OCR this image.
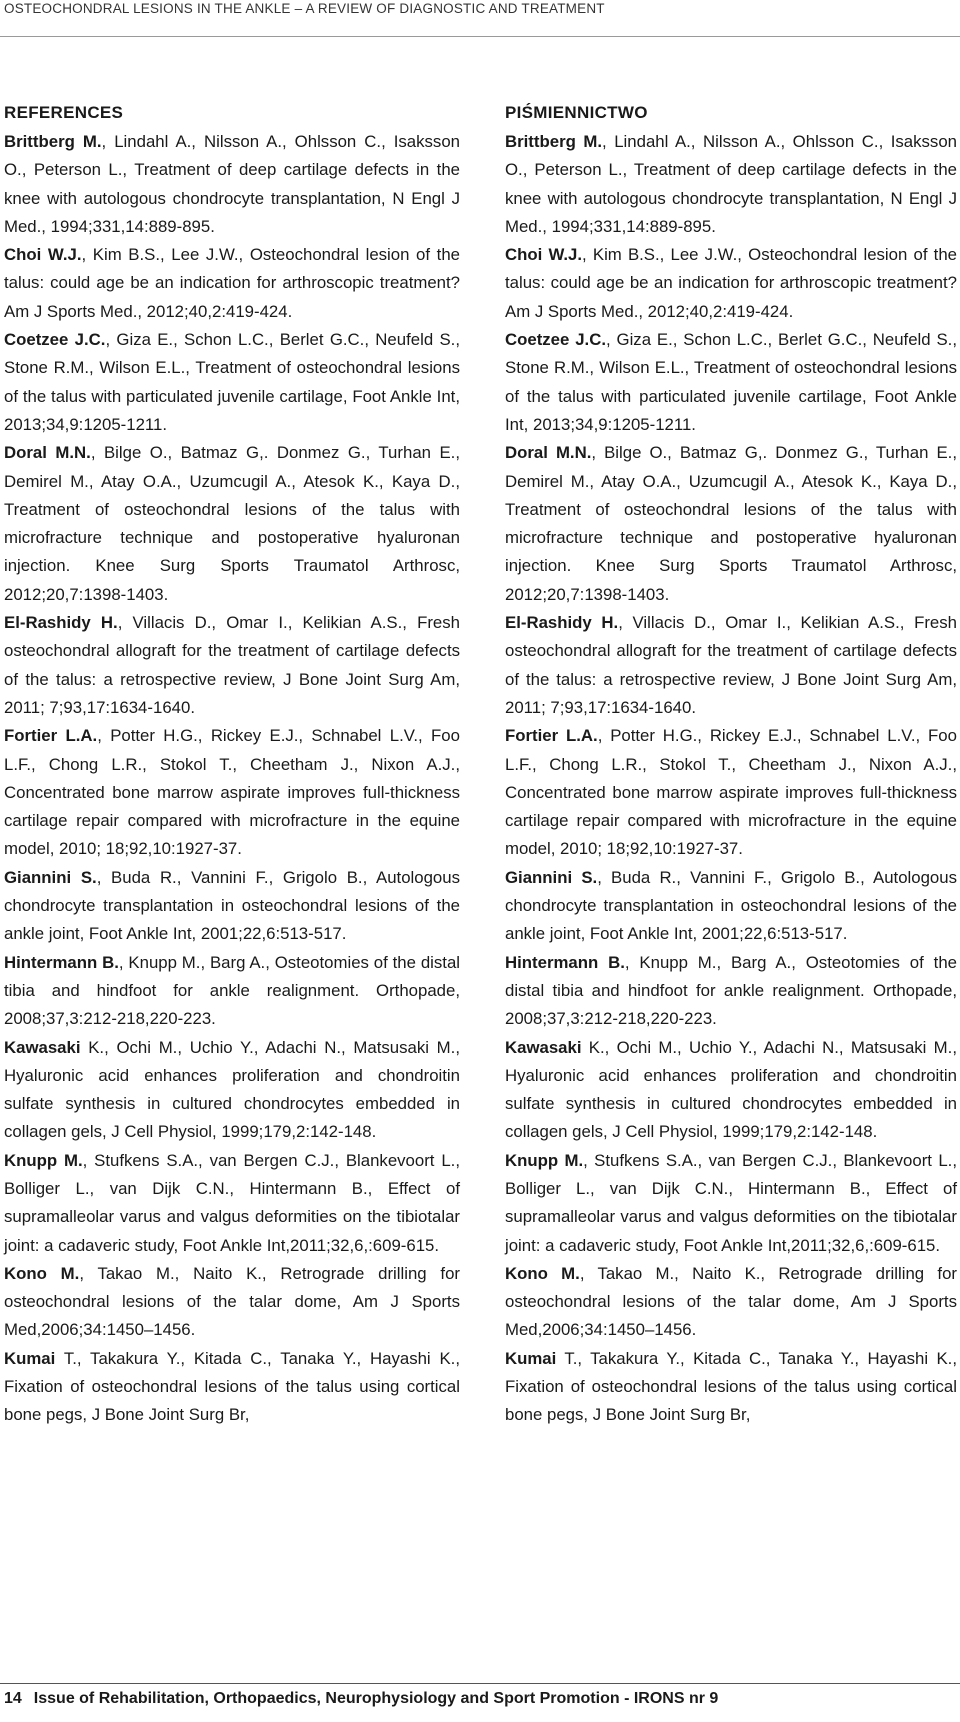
OSTEOCHONDRAL LESIONS IN THE ANKLE – A REVIEW OF DIAGNOSTIC AND TREATMENT
REFERENCES

Brittberg M., Lindahl A., Nilsson A., Ohlsson C., Isaksson O., Peterson L., Treatment of deep cartilage defects in the knee with autologous chondrocyte transplantation, N Engl J Med., 1994;331,14:889-895.

Choi W.J., Kim B.S., Lee J.W., Osteochondral lesion of the talus: could age be an indication for arthroscopic treatment? Am J Sports Med., 2012;40,2:419-424.

Coetzee J.C., Giza E., Schon L.C., Berlet G.C., Neufeld S., Stone R.M., Wilson E.L., Treatment of osteochondral lesions of the talus with particulated juvenile cartilage, Foot Ankle Int, 2013;34,9:1205-1211.

Doral M.N., Bilge O., Batmaz G,. Donmez G., Turhan E., Demirel M., Atay O.A., Uzumcugil A., Atesok K., Kaya D., Treatment of osteochondral lesions of the talus with microfracture technique and postoperative hyaluronan injection. Knee Surg Sports Traumatol Arthrosc, 2012;20,7:1398-1403.

El-Rashidy H., Villacis D., Omar I., Kelikian A.S., Fresh osteochondral allograft for the treatment of cartilage defects of the talus: a retrospective review, J Bone Joint Surg Am, 2011; 7;93,17:1634-1640.

Fortier L.A., Potter H.G., Rickey E.J., Schnabel L.V., Foo L.F., Chong L.R., Stokol T., Cheetham J., Nixon A.J., Concentrated bone marrow aspirate improves full-thickness cartilage repair compared with microfracture in the equine model, 2010; 18;92,10:1927-37.

Giannini S., Buda R., Vannini F., Grigolo B., Autologous chondrocyte transplantation in osteochondral lesions of the ankle joint, Foot Ankle Int, 2001;22,6:513-517.

Hintermann B., Knupp M., Barg A., Osteotomies of the distal tibia and hindfoot for ankle realignment. Orthopade, 2008;37,3:212-218,220-223.

Kawasaki K., Ochi M., Uchio Y., Adachi N., Matsusaki M., Hyaluronic acid enhances proliferation and chondroitin sulfate synthesis in cultured chondrocytes embedded in collagen gels, J Cell Physiol, 1999;179,2:142-148.

Knupp M., Stufkens S.A., van Bergen C.J., Blankevoort L., Bolliger L., van Dijk C.N., Hintermann B., Effect of supramalleolar varus and valgus deformities on the tibiotalar joint: a cadaveric study, Foot Ankle Int,2011;32,6,:609-615.

Kono M., Takao M., Naito K., Retrograde drilling for osteochondral lesions of the talar dome, Am J Sports Med,2006;34:1450–1456.

Kumai T., Takakura Y., Kitada C., Tanaka Y., Hayashi K., Fixation of osteochondral lesions of the talus using cortical bone pegs, J Bone Joint Surg Br,

PIŚMIENNICTWO

Brittberg M., Lindahl A., Nilsson A., Ohlsson C., Isaksson O., Peterson L., Treatment of deep cartilage defects in the knee with autologous chondrocyte transplantation, N Engl J Med., 1994;331,14:889-895.

Choi W.J., Kim B.S., Lee J.W., Osteochondral lesion of the talus: could age be an indication for arthroscopic treatment? Am J Sports Med., 2012;40,2:419-424.

Coetzee J.C., Giza E., Schon L.C., Berlet G.C., Neufeld S., Stone R.M., Wilson E.L., Treatment of osteochondral lesions of the talus with particulated juvenile cartilage, Foot Ankle Int, 2013;34,9:1205-1211.

Doral M.N., Bilge O., Batmaz G,. Donmez G., Turhan E., Demirel M., Atay O.A., Uzumcugil A., Atesok K., Kaya D., Treatment of osteochondral lesions of the talus with microfracture technique and postoperative hyaluronan injection. Knee Surg Sports Traumatol Arthrosc, 2012;20,7:1398-1403.

El-Rashidy H., Villacis D., Omar I., Kelikian A.S., Fresh osteochondral allograft for the treatment of cartilage defects of the talus: a retrospective review, J Bone Joint Surg Am, 2011; 7;93,17:1634-1640.

Fortier L.A., Potter H.G., Rickey E.J., Schnabel L.V., Foo L.F., Chong L.R., Stokol T., Cheetham J., Nixon A.J., Concentrated bone marrow aspirate improves full-thickness cartilage repair compared with microfracture in the equine model, 2010; 18;92,10:1927-37.

Giannini S., Buda R., Vannini F., Grigolo B., Autologous chondrocyte transplantation in osteochondral lesions of the ankle joint, Foot Ankle Int, 2001;22,6:513-517.

Hintermann B., Knupp M., Barg A., Osteotomies of the distal tibia and hindfoot for ankle realignment. Orthopade, 2008;37,3:212-218,220-223.

Kawasaki K., Ochi M., Uchio Y., Adachi N., Matsusaki M., Hyaluronic acid enhances proliferation and chondroitin sulfate synthesis in cultured chondrocytes embedded in collagen gels, J Cell Physiol, 1999;179,2:142-148.

Knupp M., Stufkens S.A., van Bergen C.J., Blankevoort L., Bolliger L., van Dijk C.N., Hintermann B., Effect of supramalleolar varus and valgus deformities on the tibiotalar joint: a cadaveric study, Foot Ankle Int,2011;32,6,:609-615.

Kono M., Takao M., Naito K., Retrograde drilling for osteochondral lesions of the talar dome, Am J Sports Med,2006;34:1450–1456.

Kumai T., Takakura Y., Kitada C., Tanaka Y., Hayashi K., Fixation of osteochondral lesions of the talus using cortical bone pegs, J Bone Joint Surg Br,

14 Issue of Rehabilitation, Orthopaedics, Neurophysiology and Sport Promotion - IRONS nr 9
